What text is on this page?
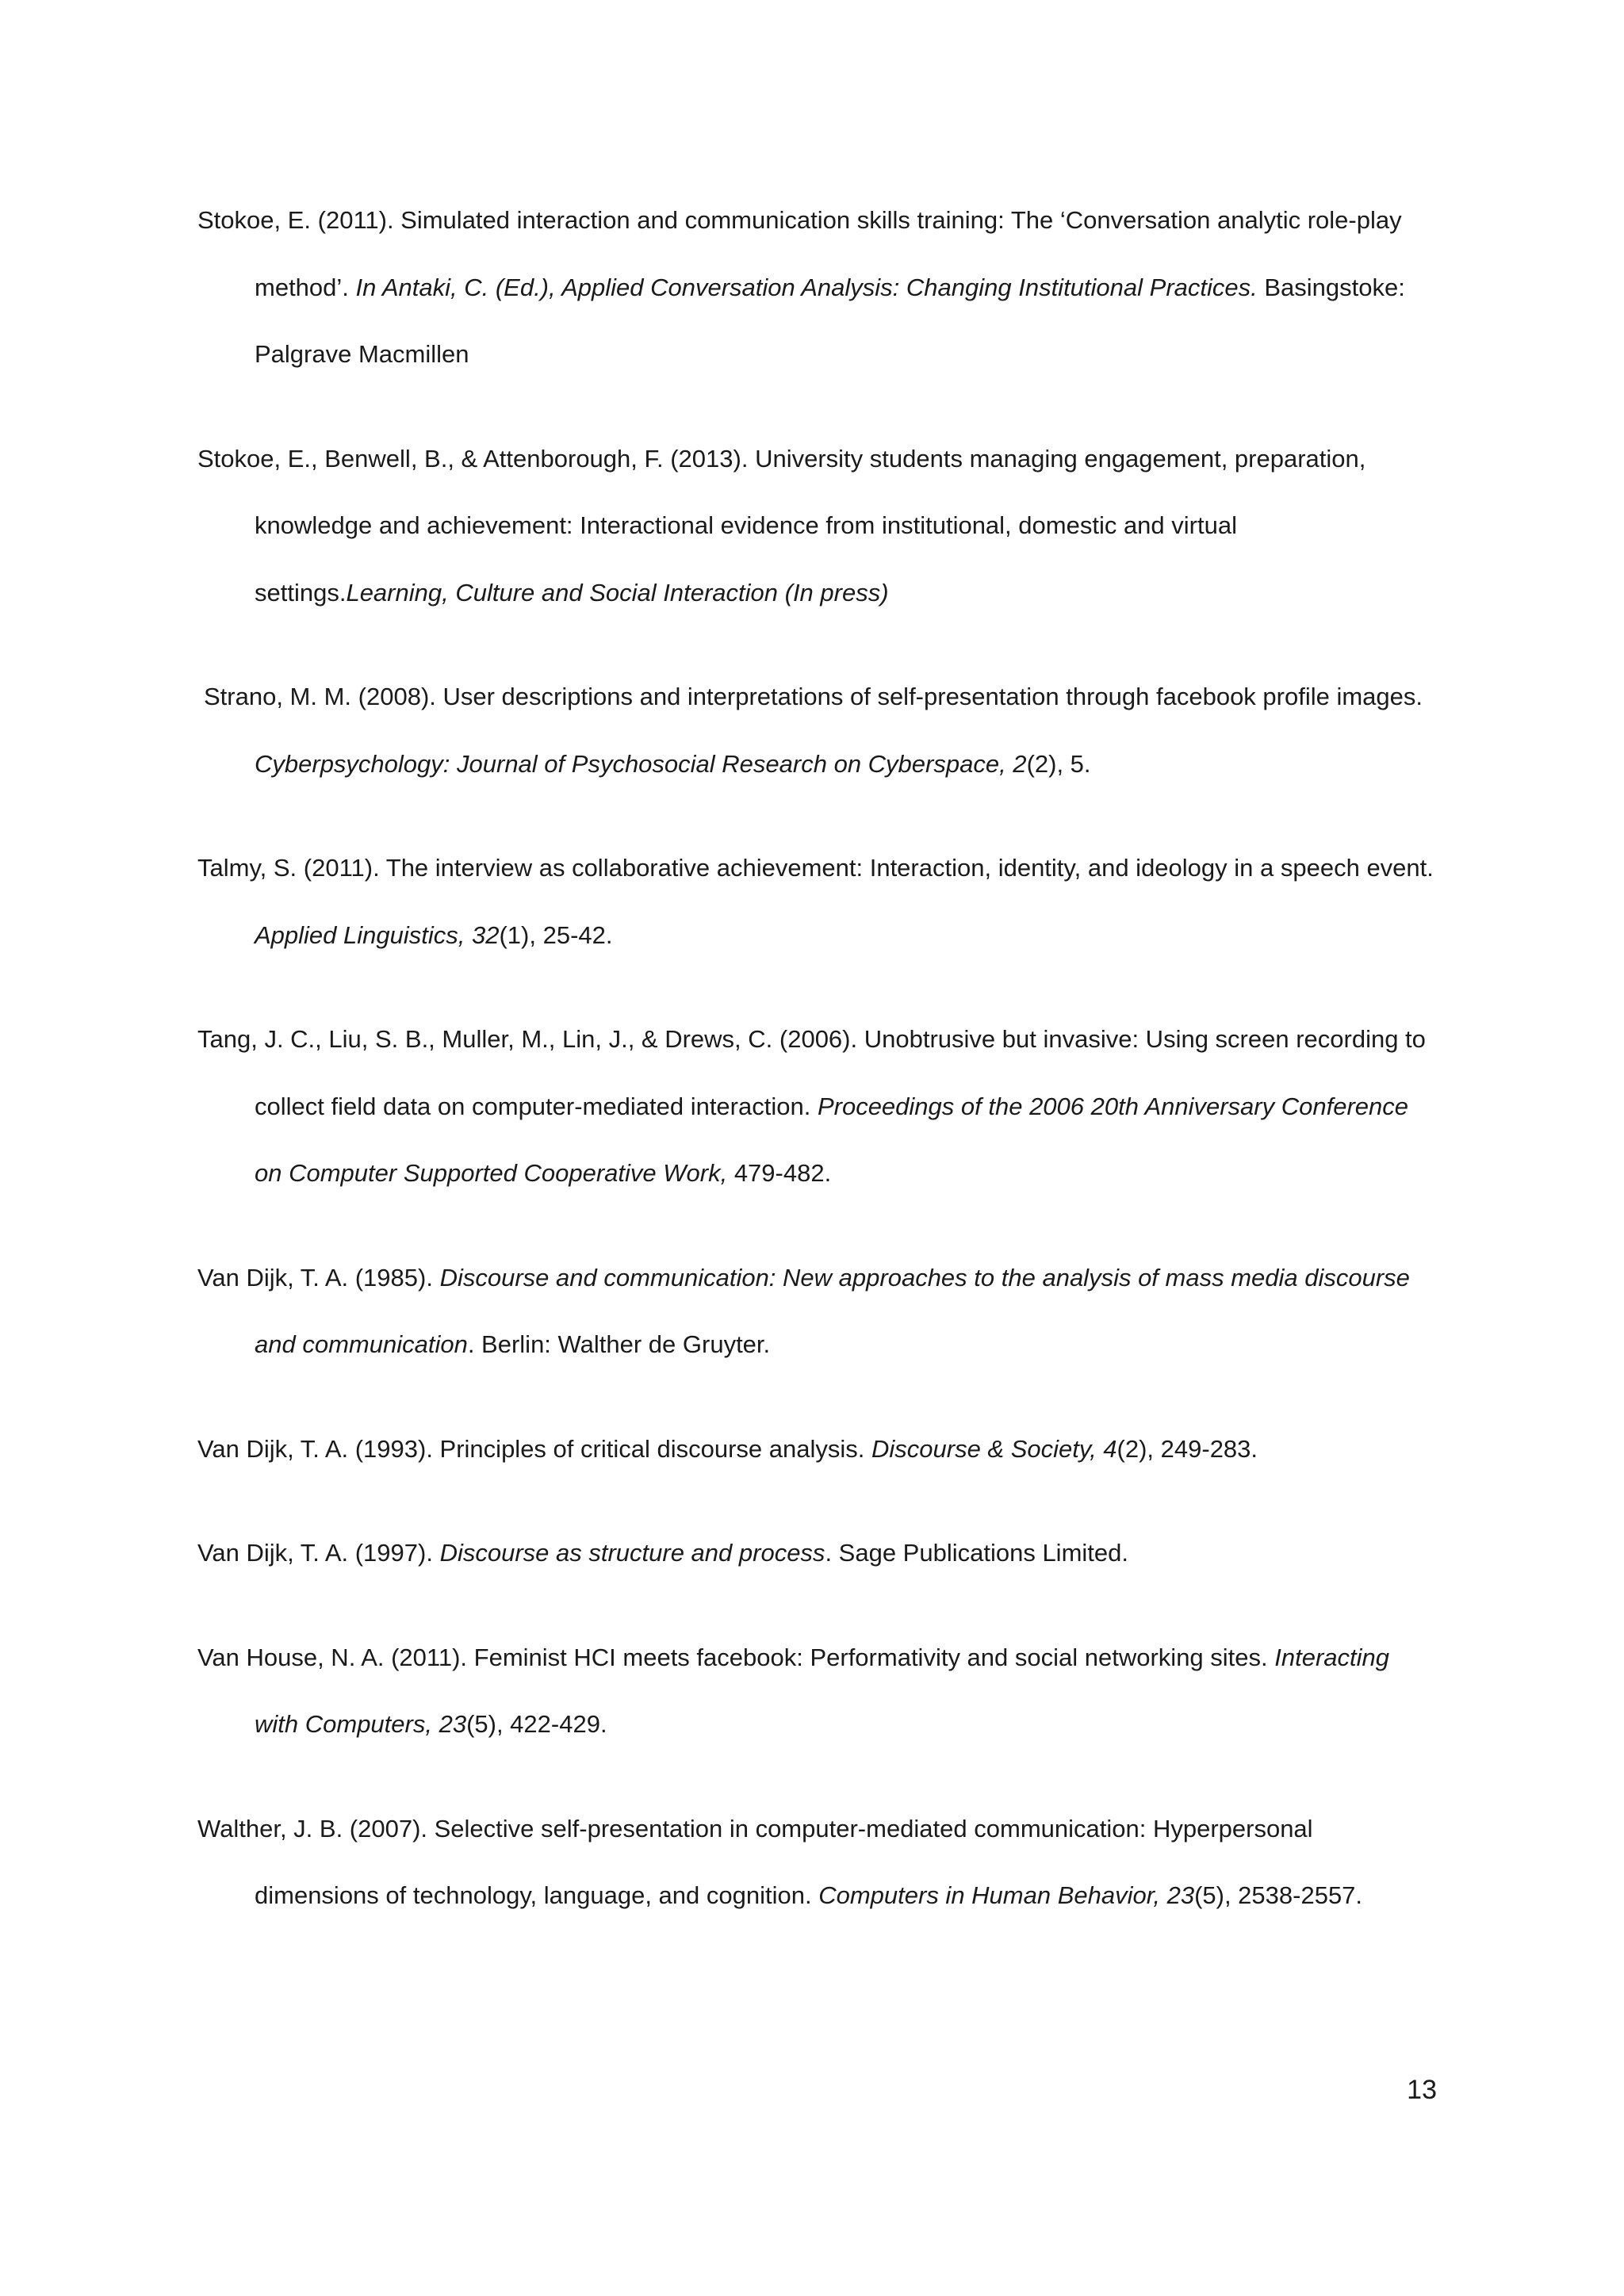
Stokoe, E. (2011). Simulated interaction and communication skills training: The ‘Conversation analytic role-play method’. In Antaki, C. (Ed.), Applied Conversation Analysis: Changing Institutional Practices. Basingstoke: Palgrave Macmillen

Stokoe, E., Benwell, B., & Attenborough, F. (2013). University students managing engagement, preparation, knowledge and achievement: Interactional evidence from institutional, domestic and virtual settings.Learning, Culture and Social Interaction (In press)

Strano, M. M. (2008). User descriptions and interpretations of self-presentation through facebook profile images. Cyberpsychology: Journal of Psychosocial Research on Cyberspace, 2(2), 5.

Talmy, S. (2011). The interview as collaborative achievement: Interaction, identity, and ideology in a speech event. Applied Linguistics, 32(1), 25-42.

Tang, J. C., Liu, S. B., Muller, M., Lin, J., & Drews, C. (2006). Unobtrusive but invasive: Using screen recording to collect field data on computer-mediated interaction. Proceedings of the 2006 20th Anniversary Conference on Computer Supported Cooperative Work, 479-482.

Van Dijk, T. A. (1985). Discourse and communication: New approaches to the analysis of mass media discourse and communication. Berlin: Walther de Gruyter.

Van Dijk, T. A. (1993). Principles of critical discourse analysis. Discourse & Society, 4(2), 249-283.

Van Dijk, T. A. (1997). Discourse as structure and process. Sage Publications Limited.

Van House, N. A. (2011). Feminist HCI meets facebook: Performativity and social networking sites. Interacting with Computers, 23(5), 422-429.

Walther, J. B. (2007). Selective self-presentation in computer-mediated communication: Hyperpersonal dimensions of technology, language, and cognition. Computers in Human Behavior, 23(5), 2538-2557.

13
